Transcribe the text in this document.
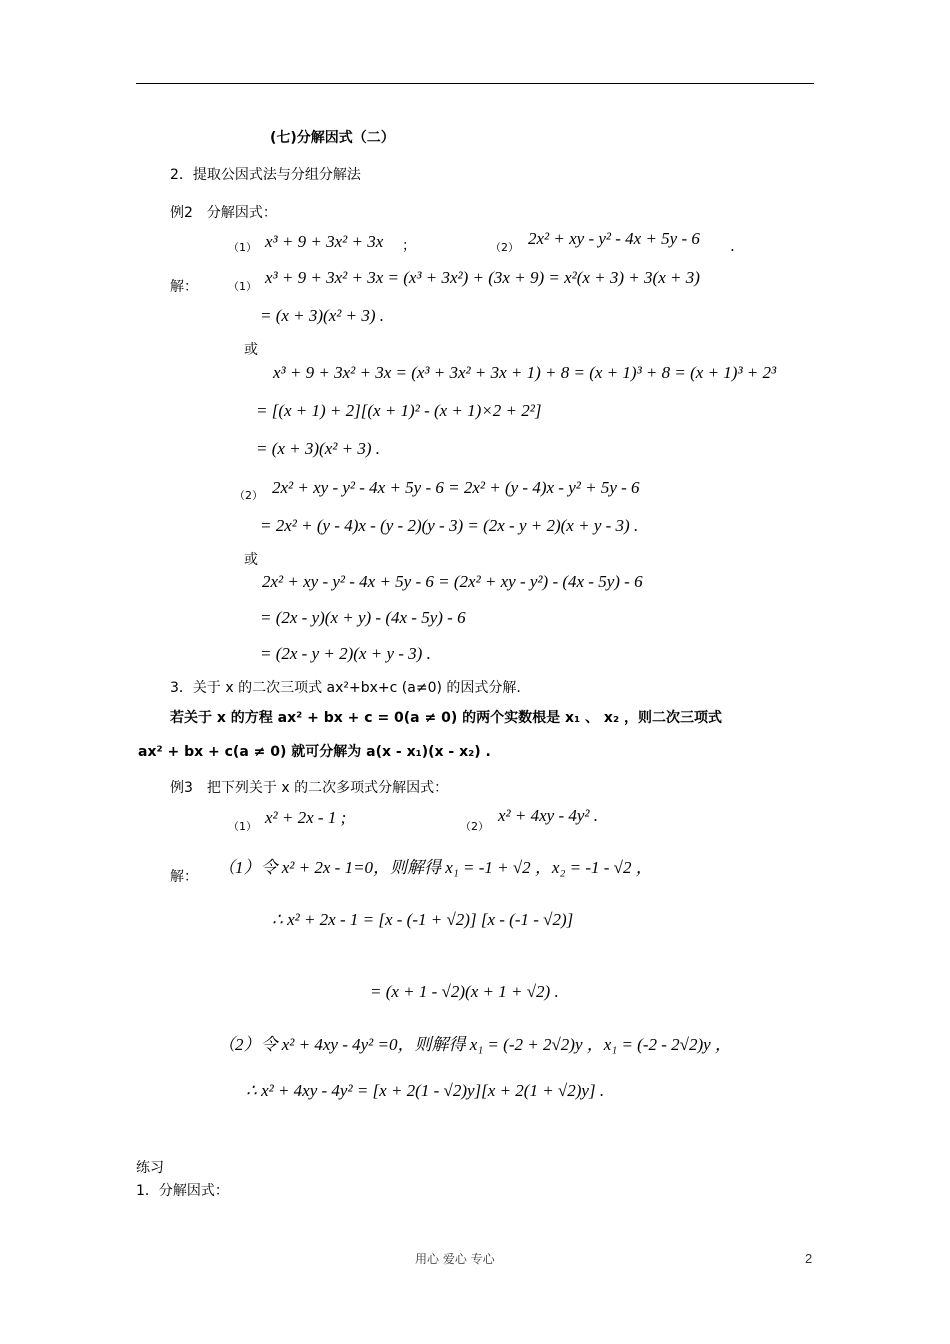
(七)分解因式（二）
2．提取公因式法与分组分解法
例2　分解因式：
（1） x³ + 9 + 3x² + 3x ；	（2） 2x² + xy - y² - 4x + 5y - 6 .
解：	（1） x³ + 9 + 3x² + 3x = (x³ + 3x²) + (3x + 9) = x²(x + 3) + 3(x + 3)
= (x + 3)(x² + 3) .
或
x³ + 9 + 3x² + 3x = (x³ + 3x² + 3x + 1) + 8 = (x + 1)³ + 8 = (x + 1)³ + 2³
= [(x + 1) + 2][(x + 1)² - (x + 1)×2 + 2²]
= (x + 3)(x² + 3) .
（2） 2x² + xy - y² - 4x + 5y - 6 = 2x² + (y - 4)x - y² + 5y - 6
= 2x² + (y - 4)x - (y - 2)(y - 3) = (2x - y + 2)(x + y - 3) .
或
2x² + xy - y² - 4x + 5y - 6 = (2x² + xy - y²) - (4x - 5y) - 6
= (2x - y)(x + y) - (4x - 5y) - 6
= (2x - y + 2)(x + y - 3) .
3．关于 x 的二次三项式 ax²+bx+c (a≠0) 的因式分解.
若关于 x 的方程 ax² + bx + c = 0(a ≠ 0) 的两个实数根是 x₁ 、 x₂ ，则二次三项式
ax² + bx + c(a ≠ 0) 就可分解为 a(x - x₁)(x - x₂) .
例3　把下列关于 x 的二次多项式分解因式：
（1） x² + 2x - 1 ;	（2）
x² + 4xy - 4y² .
解： （1）令 x² + 2x - 1=0，则解得 x₁ = -1 + √2 ，x₂ = -1 - √2 ，
∴ x² + 2x - 1 = [x - (-1 + √2)] [x - (-1 - √2)]
= (x + 1 - √2)(x + 1 + √2) .
（2）令 x² + 4xy - 4y² =0，则解得 x₁ = (-2 + 2√2)y ，x₁ = (-2 - 2√2)y ，
∴ x² + 4xy - 4y² = [x + 2(1 - √2)y][x + 2(1 + √2)y] .
练习
1．分解因式：
用心 爱心 专心	2
